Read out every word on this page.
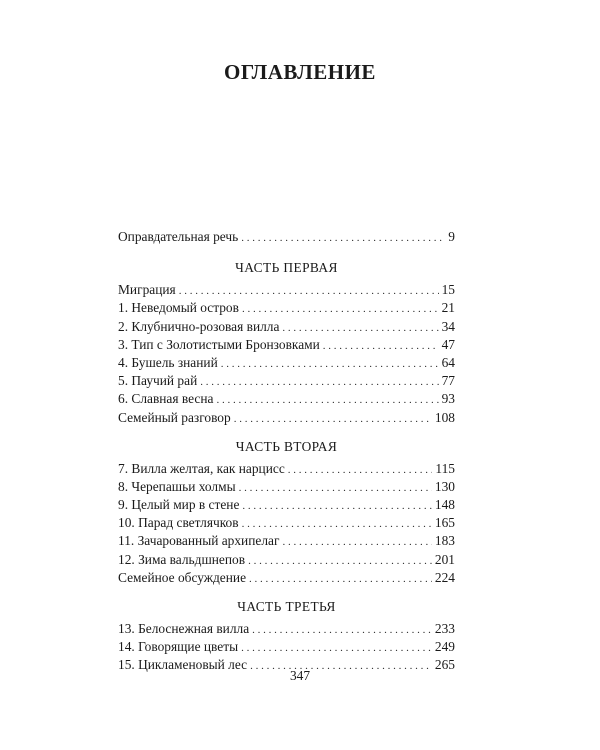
ОГЛАВЛЕНИЕ
Оправдательная речь . . .	9
ЧАСТЬ ПЕРВАЯ
Миграция . . .	15
1. Неведомый остров . . .	21
2. Клубнично-розовая вилла . . .	34
3. Тип с Золотистыми Бронзовками . . .	47
4. Бушель знаний . . .	64
5. Паучий рай . . .	77
6. Славная весна . . .	93
Семейный разговор . . .	108
ЧАСТЬ ВТОРАЯ
7. Вилла желтая, как нарцисс . . .	115
8. Черепашьи холмы . . .	130
9. Целый мир в стене . . .	148
10. Парад светлячков . . .	165
11. Зачарованный архипелаг . . .	183
12. Зима вальдшнепов . . .	201
Семейное обсуждение . . .	224
ЧАСТЬ ТРЕТЬЯ
13. Белоснежная вилла . . .	233
14. Говорящие цветы . . .	249
15. Цикламеновый лес . . .	265
347
